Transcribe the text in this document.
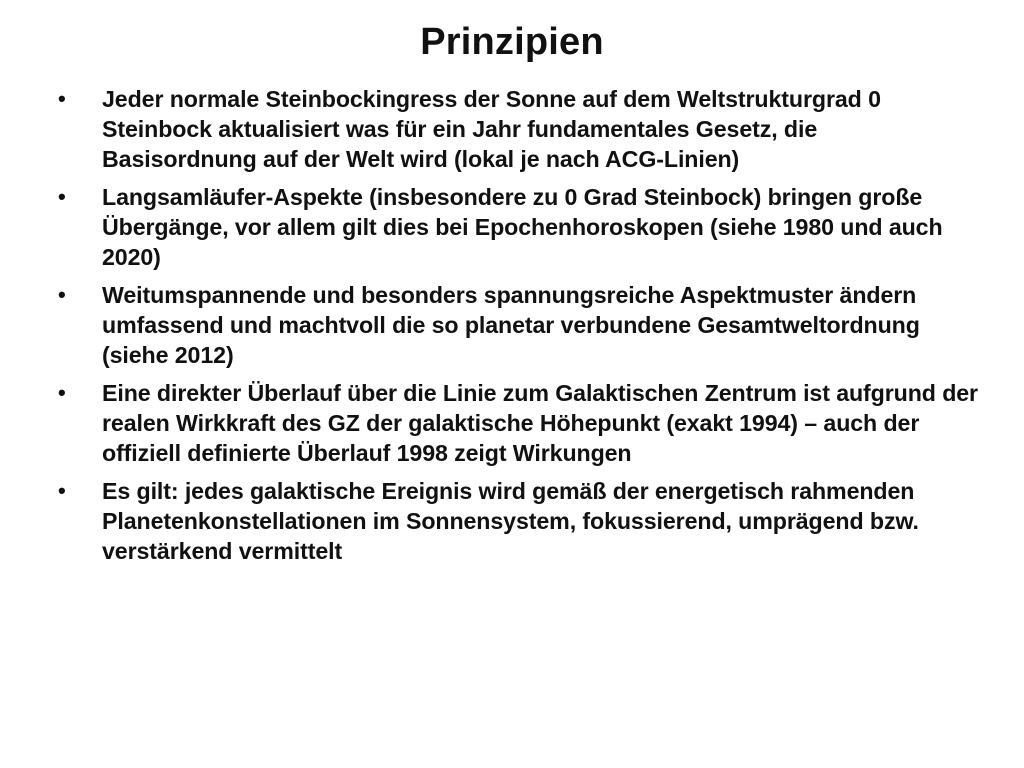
Prinzipien
• Jeder normale Steinbockingress der Sonne auf dem Weltstrukturgrad 0 Steinbock aktualisiert was für ein Jahr fundamentales Gesetz, die Basisordnung auf der Welt wird (lokal je nach ACG-Linien)
• Langsamläufer-Aspekte (insbesondere zu 0 Grad Steinbock) bringen große Übergänge, vor allem gilt dies bei Epochenhoroskopen (siehe 1980 und auch 2020)
• Weitumspannende und besonders spannungsreiche Aspektmuster ändern umfassend und machtvoll die so planetar verbundene Gesamtweltordnung (siehe 2012)
• Eine direkter Überlauf über die Linie zum Galaktischen Zentrum ist aufgrund der realen Wirkkraft des GZ der galaktische Höhepunkt (exakt 1994) – auch der offiziell definierte Überlauf 1998 zeigt Wirkungen
• Es gilt: jedes galaktische Ereignis wird gemäß der energetisch rahmenden Planetenkonstellationen im Sonnensystem, fokussierend, umprägend bzw. verstärkend vermittelt
